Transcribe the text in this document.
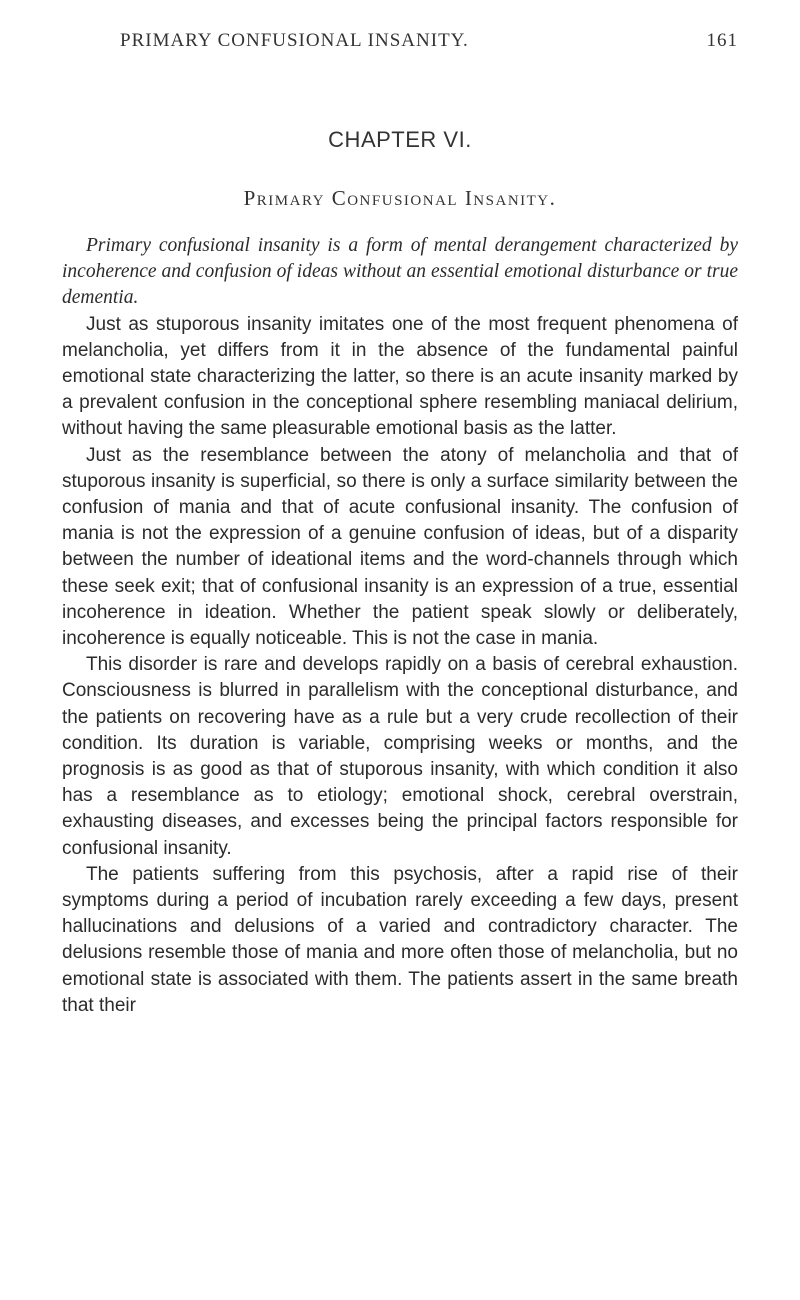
PRIMARY CONFUSIONAL INSANITY.	161
CHAPTER VI.
Primary Confusional Insanity.

Primary confusional insanity is a form of mental derangement characterized by incoherence and confusion of ideas without an essential emotional disturbance or true dementia.

Just as stuporous insanity imitates one of the most frequent phenomena of melancholia, yet differs from it in the absence of the fundamental painful emotional state characterizing the latter, so there is an acute insanity marked by a prevalent confusion in the conceptional sphere resembling maniacal delirium, without having the same pleasurable emotional basis as the latter.

Just as the resemblance between the atony of melancholia and that of stuporous insanity is superficial, so there is only a surface similarity between the confusion of mania and that of acute confusional insanity. The confusion of mania is not the expression of a genuine confusion of ideas, but of a disparity between the number of ideational items and the word-channels through which these seek exit; that of confusional insanity is an expression of a true, essential incoherence in ideation. Whether the patient speak slowly or deliberately, incoherence is equally noticeable. This is not the case in mania.

This disorder is rare and develops rapidly on a basis of cerebral exhaustion. Consciousness is blurred in parallelism with the conceptional disturbance, and the patients on recovering have as a rule but a very crude recollection of their condition. Its duration is variable, comprising weeks or months, and the prognosis is as good as that of stuporous insanity, with which condition it also has a resemblance as to etiology; emotional shock, cerebral overstrain, exhausting diseases, and excesses being the principal factors responsible for confusional insanity.

The patients suffering from this psychosis, after a rapid rise of their symptoms during a period of incubation rarely exceeding a few days, present hallucinations and delusions of a varied and contradictory character. The delusions resemble those of mania and more often those of melancholia, but no emotional state is associated with them. The patients assert in the same breath that their
